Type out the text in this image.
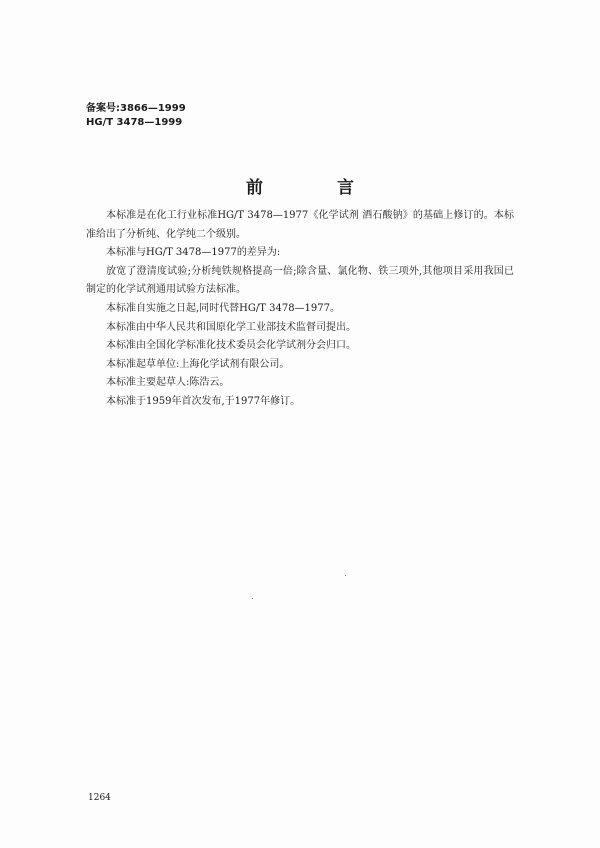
备案号:3866—1999
HG/T 3478—1999
前 言

本标准是在化工行业标准HG/T 3478—1977《化学试剂 酒石酸钠》的基础上修订的。本标准给出了分析纯、化学纯二个级别。

本标准与HG/T 3478—1977的差异为:

放宽了澄清度试验;分析纯铁规格提高一倍;除含量、氯化物、铁三项外,其他项目采用我国已制定的化学试剂通用试验方法标准。

本标准自实施之日起,同时代替HG/T 3478—1977。

本标准由中华人民共和国原化学工业部技术监督司提出。

本标准由全国化学标准化技术委员会化学试剂分会归口。

本标准起草单位:上海化学试剂有限公司。

本标准主要起草人:陈浩云。

本标准于1959年首次发布,于1977年修订。

1264
